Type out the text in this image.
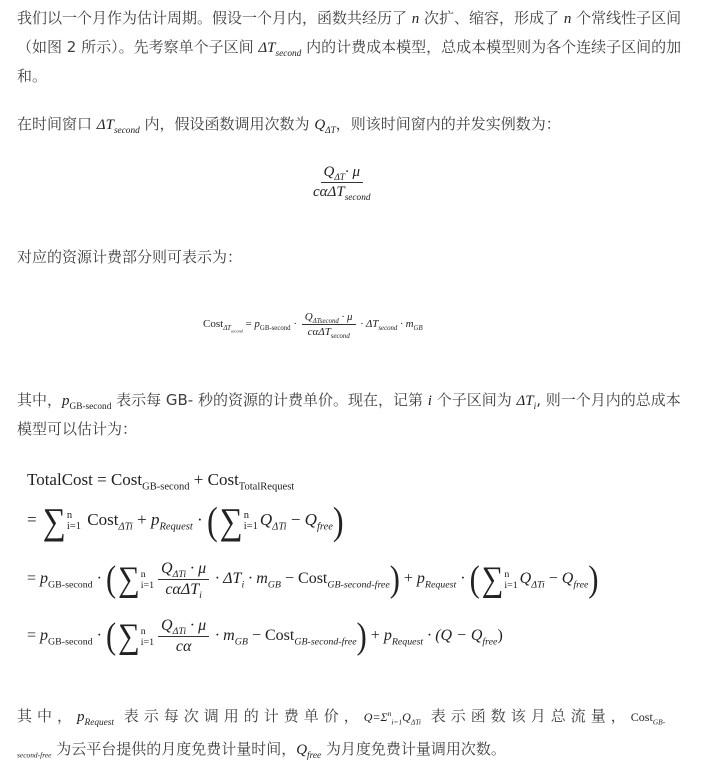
我们以一个月作为估计周期。假设一个月内，函数共经历了 n 次扩、缩容，形成了 n 个常线性子区间（如图 2 所示）。先考察单个子区间 $\Delta T_{second}$ 内的计费成本模型，总成本模型则为各个连续子区间的加和。
在时间窗口 $\Delta T_{second}$ 内，假设函数调用次数为 $Q_{\Delta T}$，则该时间窗内的并发实例数为：
$\frac{Q_{\Delta T}\cdot \mu}{c\alpha\Delta T_{second}}$
对应的资源计费部分则可表示为：
Cost$_{\Delta T_{second}}$ = $p_{GB-second} \cdot \frac{Q_{\Delta Tsecond} \cdot \mu}{c\alpha\Delta T_{second}} \cdot \Delta T_{second} \cdot m_{GB}$
其中，$p_{GB-second}$ 表示每 GB- 秒的资源的计费单价。现在，记第 i 个子区间为 $\Delta T_i$, 则一个月内的总成本模型可以估计为：
TotalCost = Cost$_{GB-second}$ + Cost$_{TotalRequest}$
= ∑ n
i=1 Cost$_{\Delta Ti}$ + $p_{Request}$ · ( ∑ n
i=1 $Q_{\Delta Ti} - Q_{free}$)
= $p_{GB-second}$ · ( ∑ n
$i=1 \frac{Q_{\Delta Ti} \cdot \mu}{c\alpha\Delta T_i} \cdot \Delta T_i \cdot m_{GB}$ − Cost$_{GB-second-free}$) + $p_{Request}$ · ( ∑ n
i=1 $Q_{\Delta Ti} - Q_{free}$)
= $p_{GB-second}$ · ( ∑ n
$i=1 \frac{Q_{\Delta Ti} \cdot \mu}{c\alpha} \cdot m_{GB}$ − Cost$_{GB-second-free}$) + $p_{Request} \cdot (Q - Q_{free})$
其中，$p_{Request}$ 表示每次调用的计费单价，$Q=\Sigma^n_{i=1}Q_{\Delta Ti}$ 表示函数该月总流量，Cost$_{GB-second-free}$ 为云平台提供的月度免费计量时间，$Q_{free}$ 为月度免费计量调用次数。
